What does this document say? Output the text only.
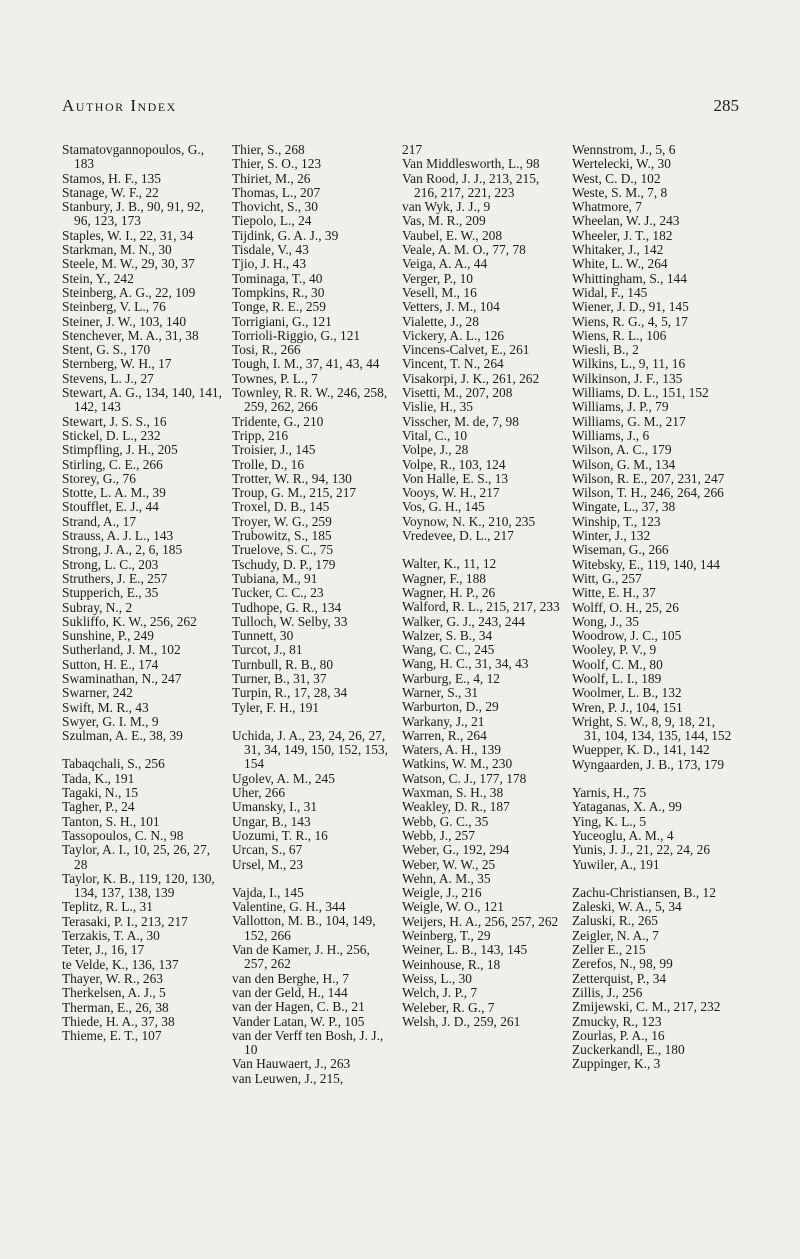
Author Index	285
Stamatovgannopoulos, G., 183
Stamos, H. F., 135
Stanage, W. F., 22
Stanbury, J. B., 90, 91, 92, 96, 123, 173
Staples, W. I., 22, 31, 34
Starkman, M. N., 30
Steele, M. W., 29, 30, 37
Stein, Y., 242
Steinberg, A. G., 22, 109
Steinberg, V. L., 76
Steiner, J. W., 103, 140
Stenchever, M. A., 31, 38
Stent, G. S., 170
Sternberg, W. H., 17
Stevens, L. J., 27
Stewart, A. G., 134, 140, 141, 142, 143
Stewart, J. S. S., 16
Stickel, D. L., 232
Stimpfling, J. H., 205
Stirling, C. E., 266
Storey, G., 76
Stotte, L. A. M., 39
Stoufflet, E. J., 44
Strand, A., 17
Strauss, A. J. L., 143
Strong, J. A., 2, 6, 185
Strong, L. C., 203
Struthers, J. E., 257
Stupperich, E., 35
Subray, N., 2
Sukliffo, K. W., 256, 262
Sunshine, P., 249
Sutherland, J. M., 102
Sutton, H. E., 174
Swaminathan, N., 247
Swarner, 242
Swift, M. R., 43
Swyer, G. I. M., 9
Szulman, A. E., 38, 39
Tabaqchali, S., 256
Tada, K., 191
Tagaki, N., 15
Tagher, P., 24
Tanton, S. H., 101
Tassopoulos, C. N., 98
Taylor, A. I., 10, 25, 26, 27, 28
Taylor, K. B., 119, 120, 130, 134, 137, 138, 139
Teplitz, R. L., 31
Terasaki, P. I., 213, 217
Terzakis, T. A., 30
Teter, J., 16, 17
te Velde, K., 136, 137
Thayer, W. R., 263
Therkelsen, A. J., 5
Therman, E., 26, 38
Thiede, H. A., 37, 38
Thieme, E. T., 107
Thier, S., 268
Thier, S. O., 123
Thiriet, M., 26
Thomas, L., 207
Thovicht, S., 30
Tiepolo, L., 24
Tijdink, G. A. J., 39
Tisdale, V., 43
Tjio, J. H., 43
Tominaga, T., 40
Tompkins, R., 30
Tonge, R. E., 259
Torrigiani, G., 121
Torrioli-Riggio, G., 121
Tosi, R., 266
Tough, I. M., 37, 41, 43, 44
Townes, P. L., 7
Townley, R. R. W., 246, 258, 259, 262, 266
Tridente, G., 210
Tripp, 216
Troisier, J., 145
Trolle, D., 16
Trotter, W. R., 94, 130
Troup, G. M., 215, 217
Troxel, D. B., 145
Troyer, W. G., 259
Trubowitz, S., 185
Truelove, S. C., 75
Tschudy, D. P., 179
Tubiana, M., 91
Tucker, C. C., 23
Tudhope, G. R., 134
Tulloch, W. Selby, 33
Tunnett, 30
Turcot, J., 81
Turnbull, R. B., 80
Turner, B., 31, 37
Turpin, R., 17, 28, 34
Tyler, F. H., 191
Uchida, J. A., 23, 24, 26, 27, 31, 34, 149, 150, 152, 153, 154
Ugolev, A. M., 245
Uher, 266
Umansky, I., 31
Ungar, B., 143
Uozumi, T. R., 16
Urcan, S., 67
Ursel, M., 23
Vajda, I., 145
Valentine, G. H., 344
Vallotton, M. B., 104, 149, 152, 266
Van de Kamer, J. H., 256, 257, 262
van den Berghe, H., 7
van der Geld, H., 144
van der Hagen, C. B., 21
Vander Latan, W. P., 105
van der Verff ten Bosh, J. J., 10
Van Hauwaert, J., 263
van Leuwen, J., 215,
217
Van Middlesworth, L., 98
Van Rood, J. J., 213, 215, 216, 217, 221, 223
van Wyk, J. J., 9
Vas, M. R., 209
Vaubel, E. W., 208
Veale, A. M. O., 77, 78
Veiga, A. A., 44
Verger, P., 10
Vesell, M., 16
Vetters, J. M., 104
Vialette, J., 28
Vickery, A. L., 126
Vincens-Calvet, E., 261
Vincent, T. N., 264
Visakorpi, J. K., 261, 262
Visetti, M., 207, 208
Vislie, H., 35
Visscher, M. de, 7, 98
Vital, C., 10
Volpe, J., 28
Volpe, R., 103, 124
Von Halle, E. S., 13
Vooys, W. H., 217
Vos, G. H., 145
Voynow, N. K., 210, 235
Vredevee, D. L., 217
Walter, K., 11, 12
Wagner, F., 188
Wagner, H. P., 26
Walford, R. L., 215, 217, 233
Walker, G. J., 243, 244
Walzer, S. B., 34
Wang, C. C., 245
Wang, H. C., 31, 34, 43
Warburg, E., 4, 12
Warner, S., 31
Warburton, D., 29
Warkany, J., 21
Warren, R., 264
Waters, A. H., 139
Watkins, W. M., 230
Watson, C. J., 177, 178
Waxman, S. H., 38
Weakley, D. R., 187
Webb, G. C., 35
Webb, J., 257
Weber, G., 192, 294
Weber, W. W., 25
Wehn, A. M., 35
Weigle, J., 216
Weigle, W. O., 121
Weijers, H. A., 256, 257, 262
Weinberg, T., 29
Weiner, L. B., 143, 145
Weinhouse, R., 18
Weiss, L., 30
Welch, J. P., 7
Weleber, R. G., 7
Welsh, J. D., 259, 261
Wennstrom, J., 5, 6
Wertelecki, W., 30
West, C. D., 102
Weste, S. M., 7, 8
Whatmore, 7
Wheelan, W. J., 243
Wheeler, J. T., 182
Whitaker, J., 142
White, L. W., 264
Whittingham, S., 144
Widal, F., 145
Wiener, J. D., 91, 145
Wiens, R. G., 4, 5, 17
Wiens, R. L., 106
Wiesli, B., 2
Wilkins, L., 9, 11, 16
Wilkinson, J. F., 135
Williams, D. L., 151, 152
Williams, J. P., 79
Williams, G. M., 217
Williams, J., 6
Wilson, A. C., 179
Wilson, G. M., 134
Wilson, R. E., 207, 231, 247
Wilson, T. H., 246, 264, 266
Wingate, L., 37, 38
Winship, T., 123
Winter, J., 132
Wiseman, G., 266
Witebsky, E., 119, 140, 144
Witt, G., 257
Witte, E. H., 37
Wolff, O. H., 25, 26
Wong, J., 35
Woodrow, J. C., 105
Wooley, P. V., 9
Woolf, C. M., 80
Woolf, L. I., 189
Woolmer, L. B., 132
Wren, P. J., 104, 151
Wright, S. W., 8, 9, 18, 21, 31, 104, 134, 135, 144, 152
Wuepper, K. D., 141, 142
Wyngaarden, J. B., 173, 179
Yarnis, H., 75
Yataganas, X. A., 99
Ying, K. L., 5
Yuceoglu, A. M., 4
Yunis, J. J., 21, 22, 24, 26
Yuwiler, A., 191
Zachu-Christiansen, B., 12
Zaleski, W. A., 5, 34
Zaluski, R., 265
Zeigler, N. A., 7
Zeller E., 215
Zerefos, N., 98, 99
Zetterquist, P., 34
Zillis, J., 256
Zmijewski, C. M., 217, 232
Zmucky, R., 123
Zourlas, P. A., 16
Zuckerkandl, E., 180
Zuppinger, K., 3
